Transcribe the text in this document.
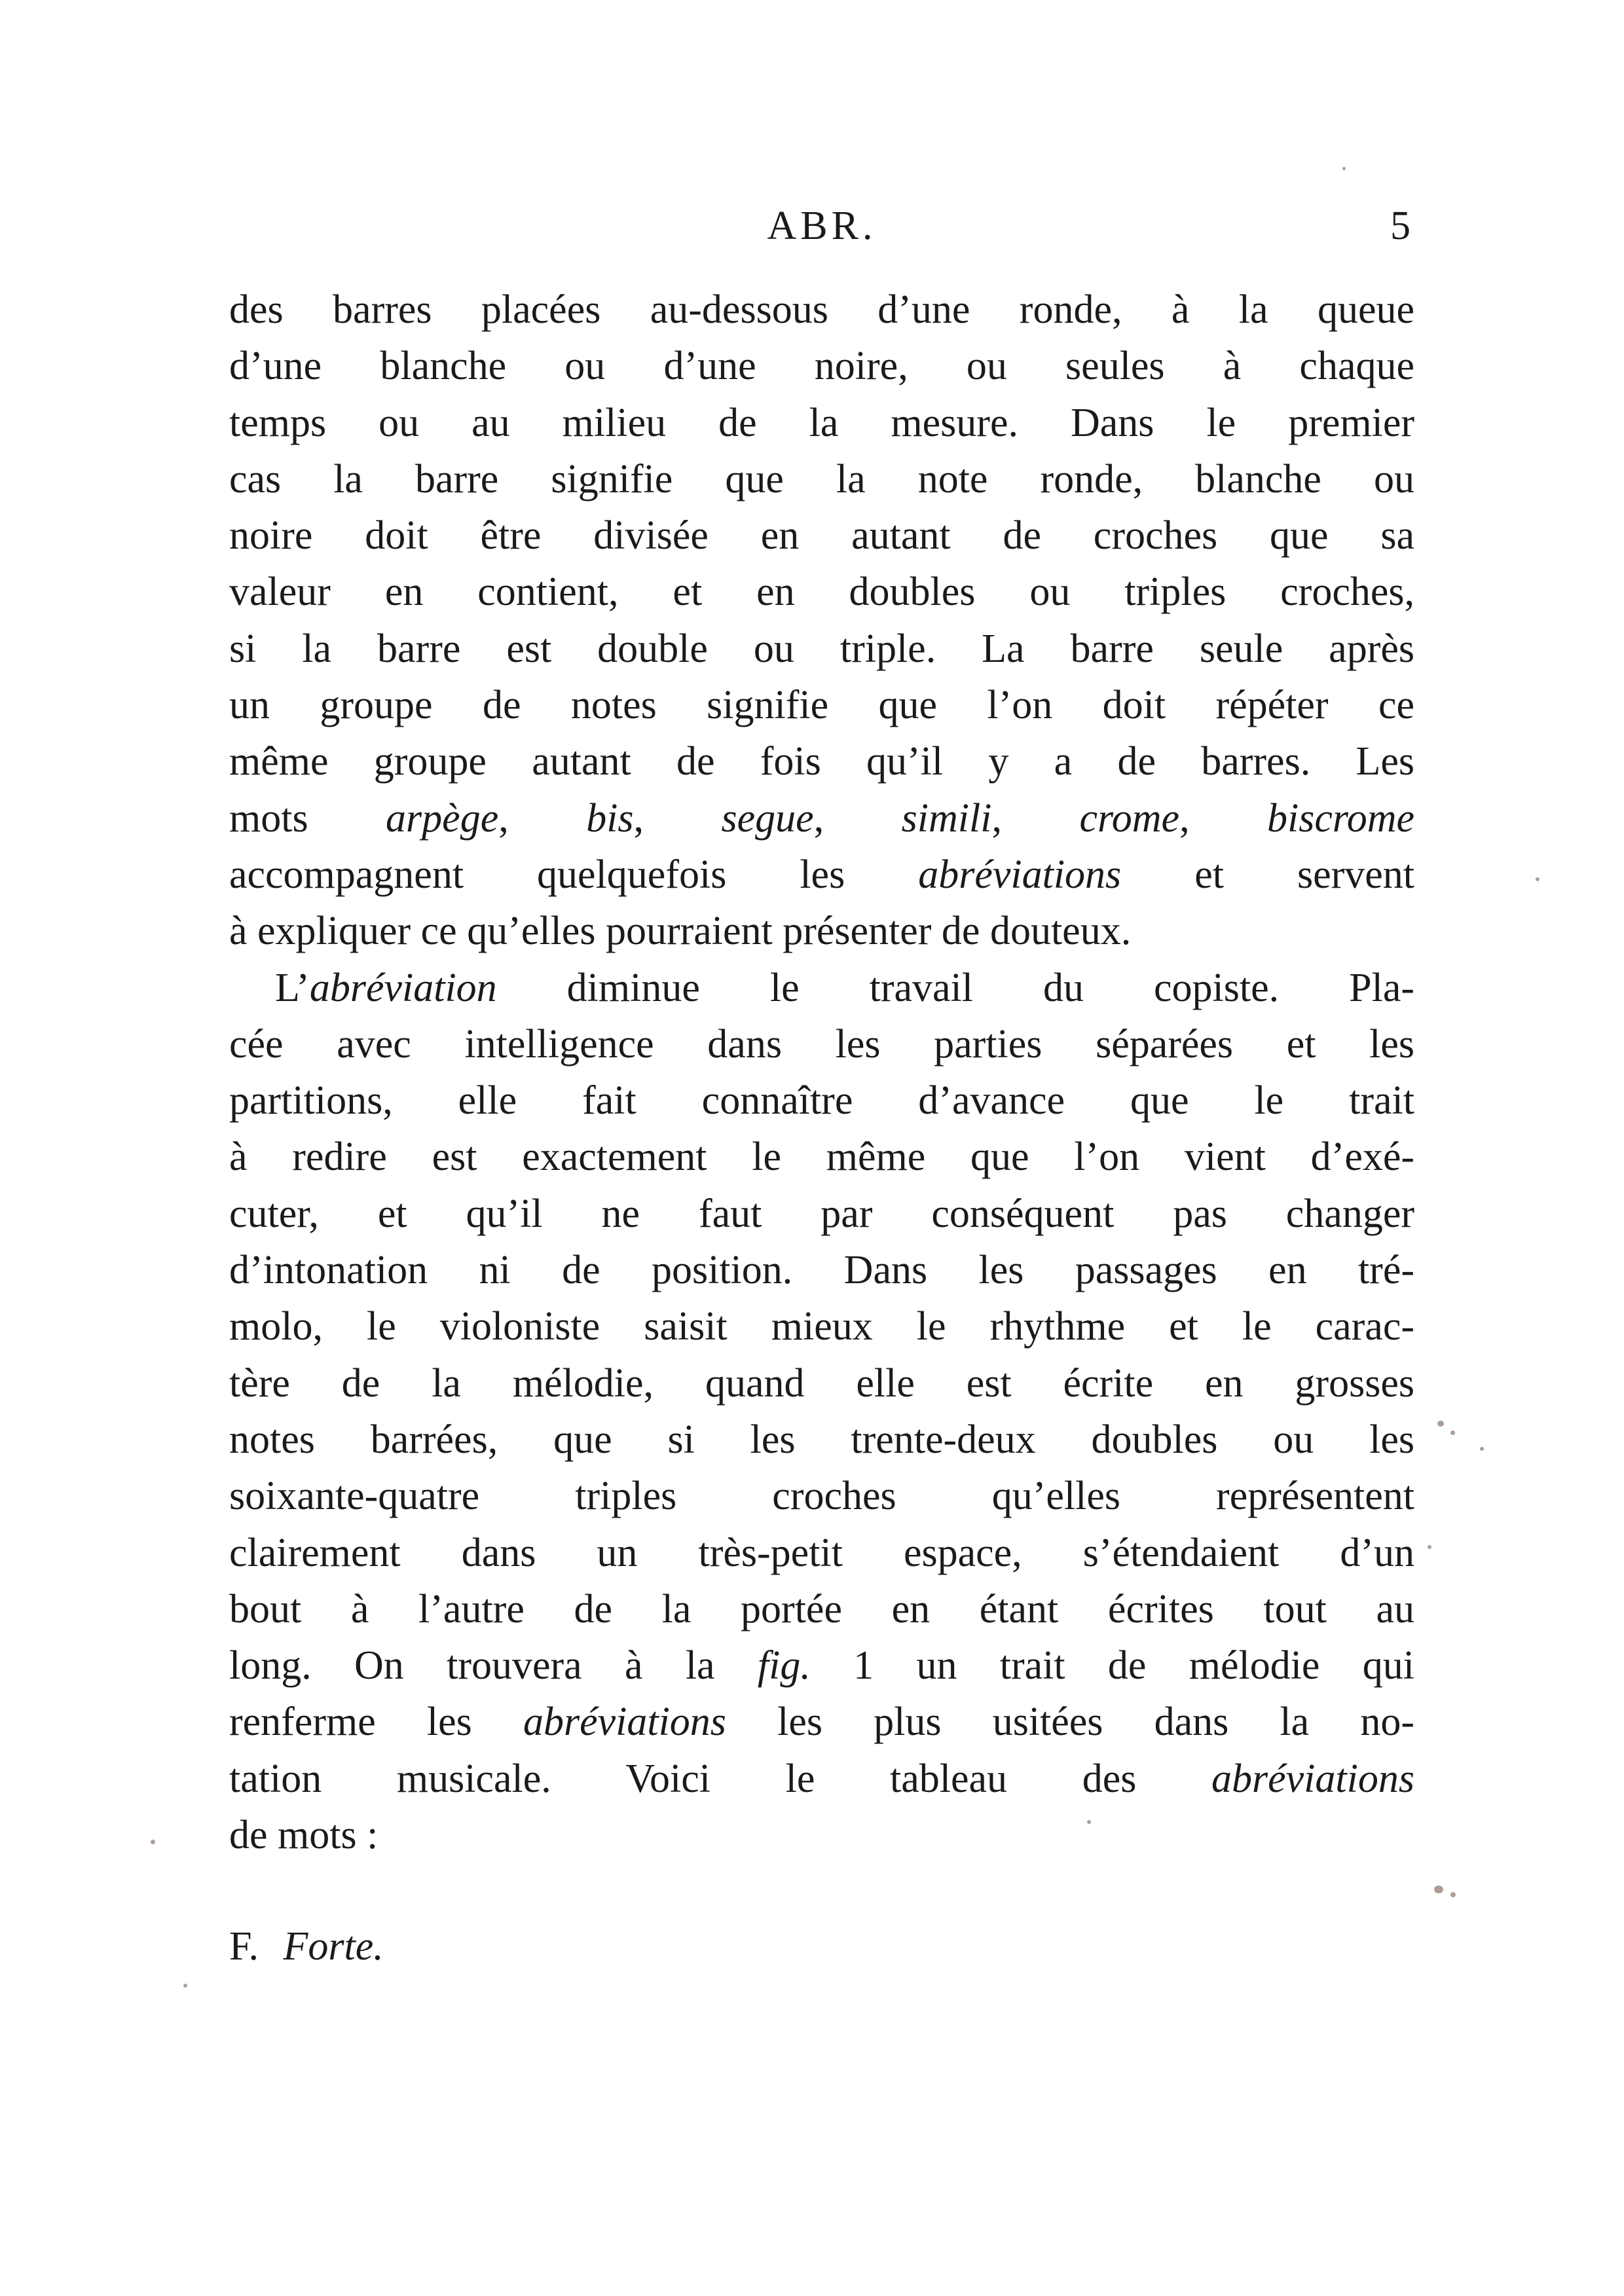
ABR.	5
des barres placées au-dessous d’une ronde, à la queue
d’une blanche ou d’une noire, ou seules à chaque
temps ou au milieu de la mesure. Dans le premier
cas la barre signifie que la note ronde, blanche ou
noire doit être divisée en autant de croches que sa
valeur en contient, et en doubles ou triples croches,
si la barre est double ou triple. La barre seule après
un groupe de notes signifie que l’on doit répéter ce
même groupe autant de fois qu’il y a de barres. Les
mots arpège, bis, segue, simili, crome, biscrome
accompagnent quelquefois les abréviations et servent
à expliquer ce qu’elles pourraient présenter de douteux.
L’abréviation diminue le travail du copiste. Pla-
cée avec intelligence dans les parties séparées et les
partitions, elle fait connaître d’avance que le trait
à redire est exactement le même que l’on vient d’exé-
cuter, et qu’il ne faut par conséquent pas changer
d’intonation ni de position. Dans les passages en tré-
molo, le violoniste saisit mieux le rhythme et le carac-
tère de la mélodie, quand elle est écrite en grosses
notes barrées, que si les trente-deux doubles ou les
soixante-quatre triples croches qu’elles représentent
clairement dans un très-petit espace, s’étendaient d’un
bout à l’autre de la portée en étant écrites tout au
long. On trouvera à la fig. 1 un trait de mélodie qui
renferme les abréviations les plus usitées dans la no-
tation musicale. Voici le tableau des abréviations
de mots :
F. Forte.
